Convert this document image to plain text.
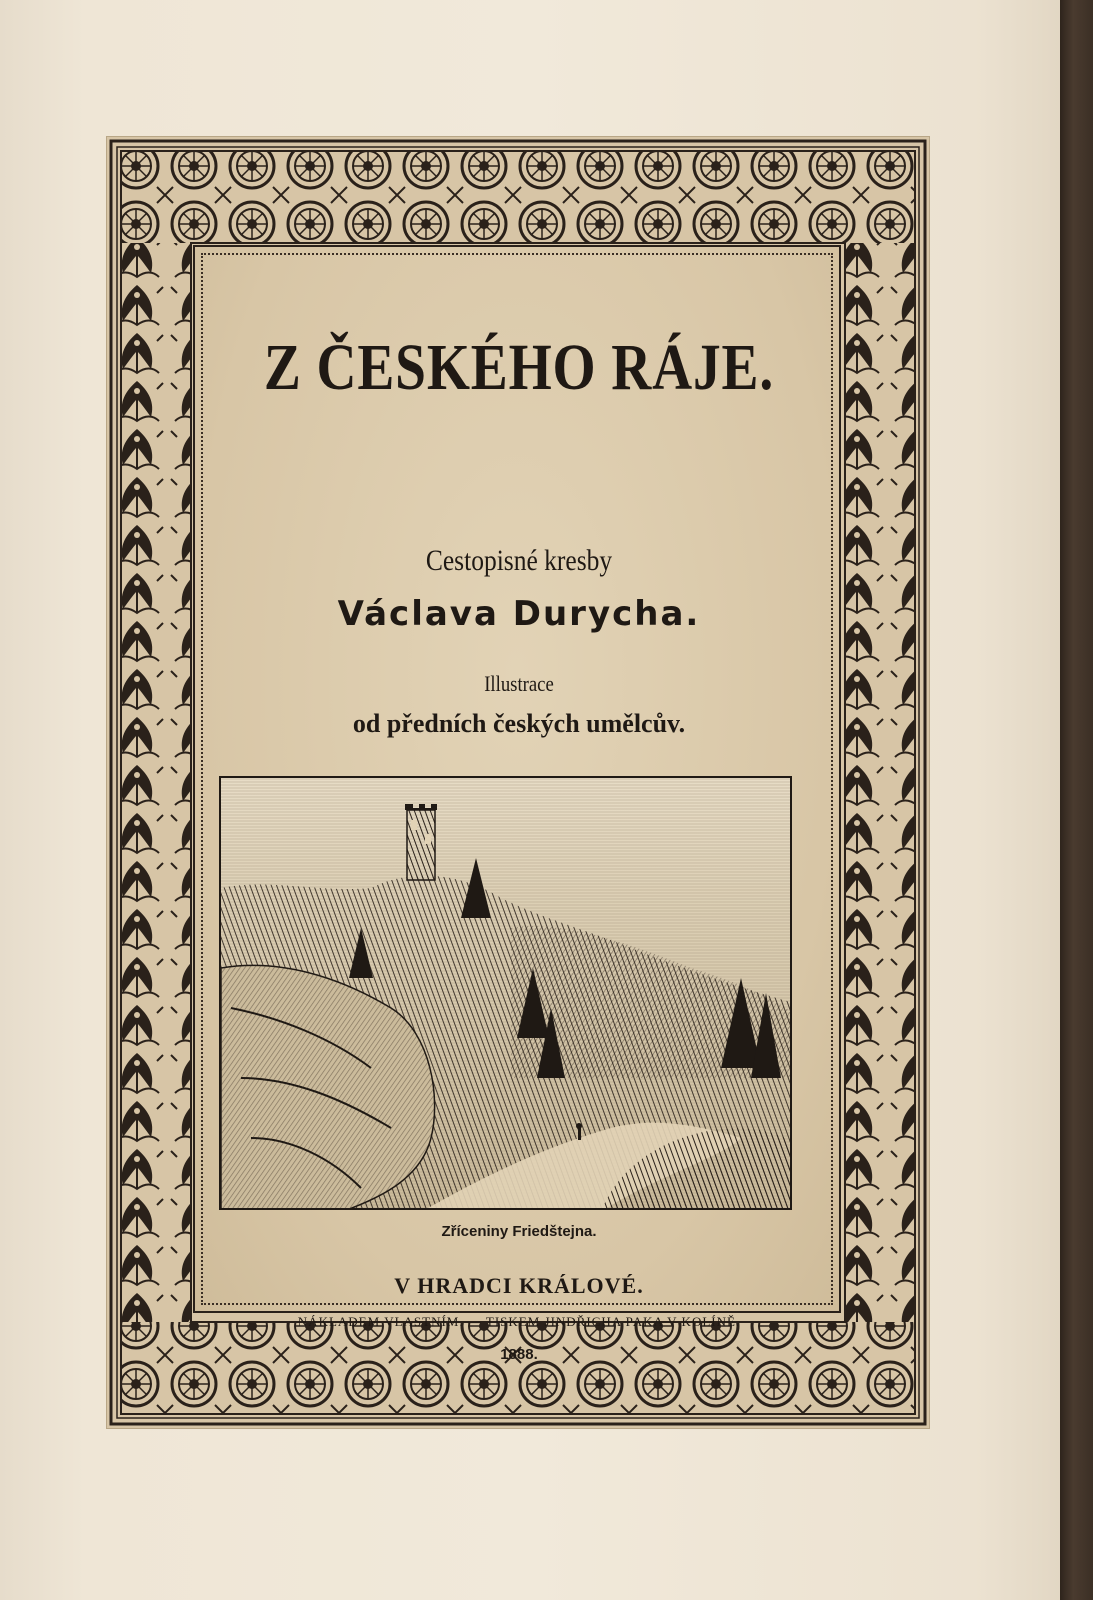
Z ČESKÉHO RÁJE.
Cestopisné kresby
Václava Durycha.
Illustrace
od předních českých umělcův.
Zříceniny Friedštejna.
V HRADCI KRÁLOVÉ.
NÁKLADEM VLASTNÍM. — TISKEM JINDŘICHA PAKA V KOLÍNĚ.
1888.
